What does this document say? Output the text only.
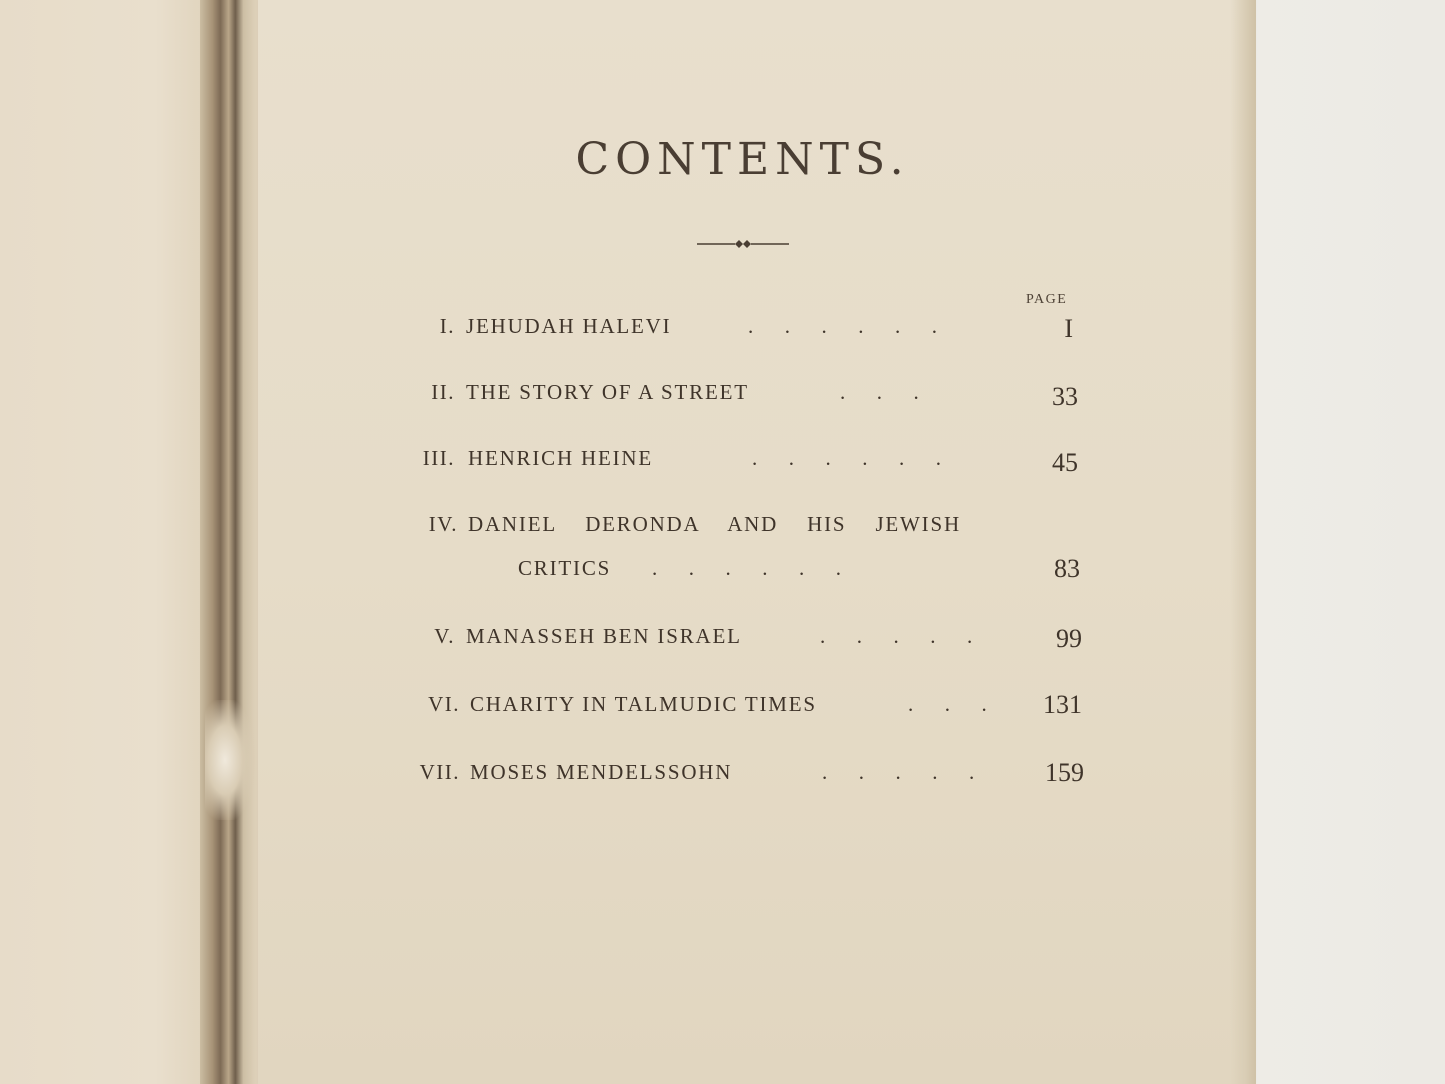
CONTENTS.
PAGE
I. JEHUDAH HALEVI	.      .      .      .      .      .	I
II. THE STORY OF A STREET	.      .      .	33
III. HENRICH HEINE	.      .      .      .      .      .	45
IV. DANIEL DERONDA AND HIS JEWISH
CRITICS .      .      .      .      .      .	83
V. MANASSEH BEN ISRAEL	.      .      .      .      .	99
VI. CHARITY IN TALMUDIC TIMES	.      .      .	131
VII. MOSES MENDELSSOHN	.      .      .      .      .	159
